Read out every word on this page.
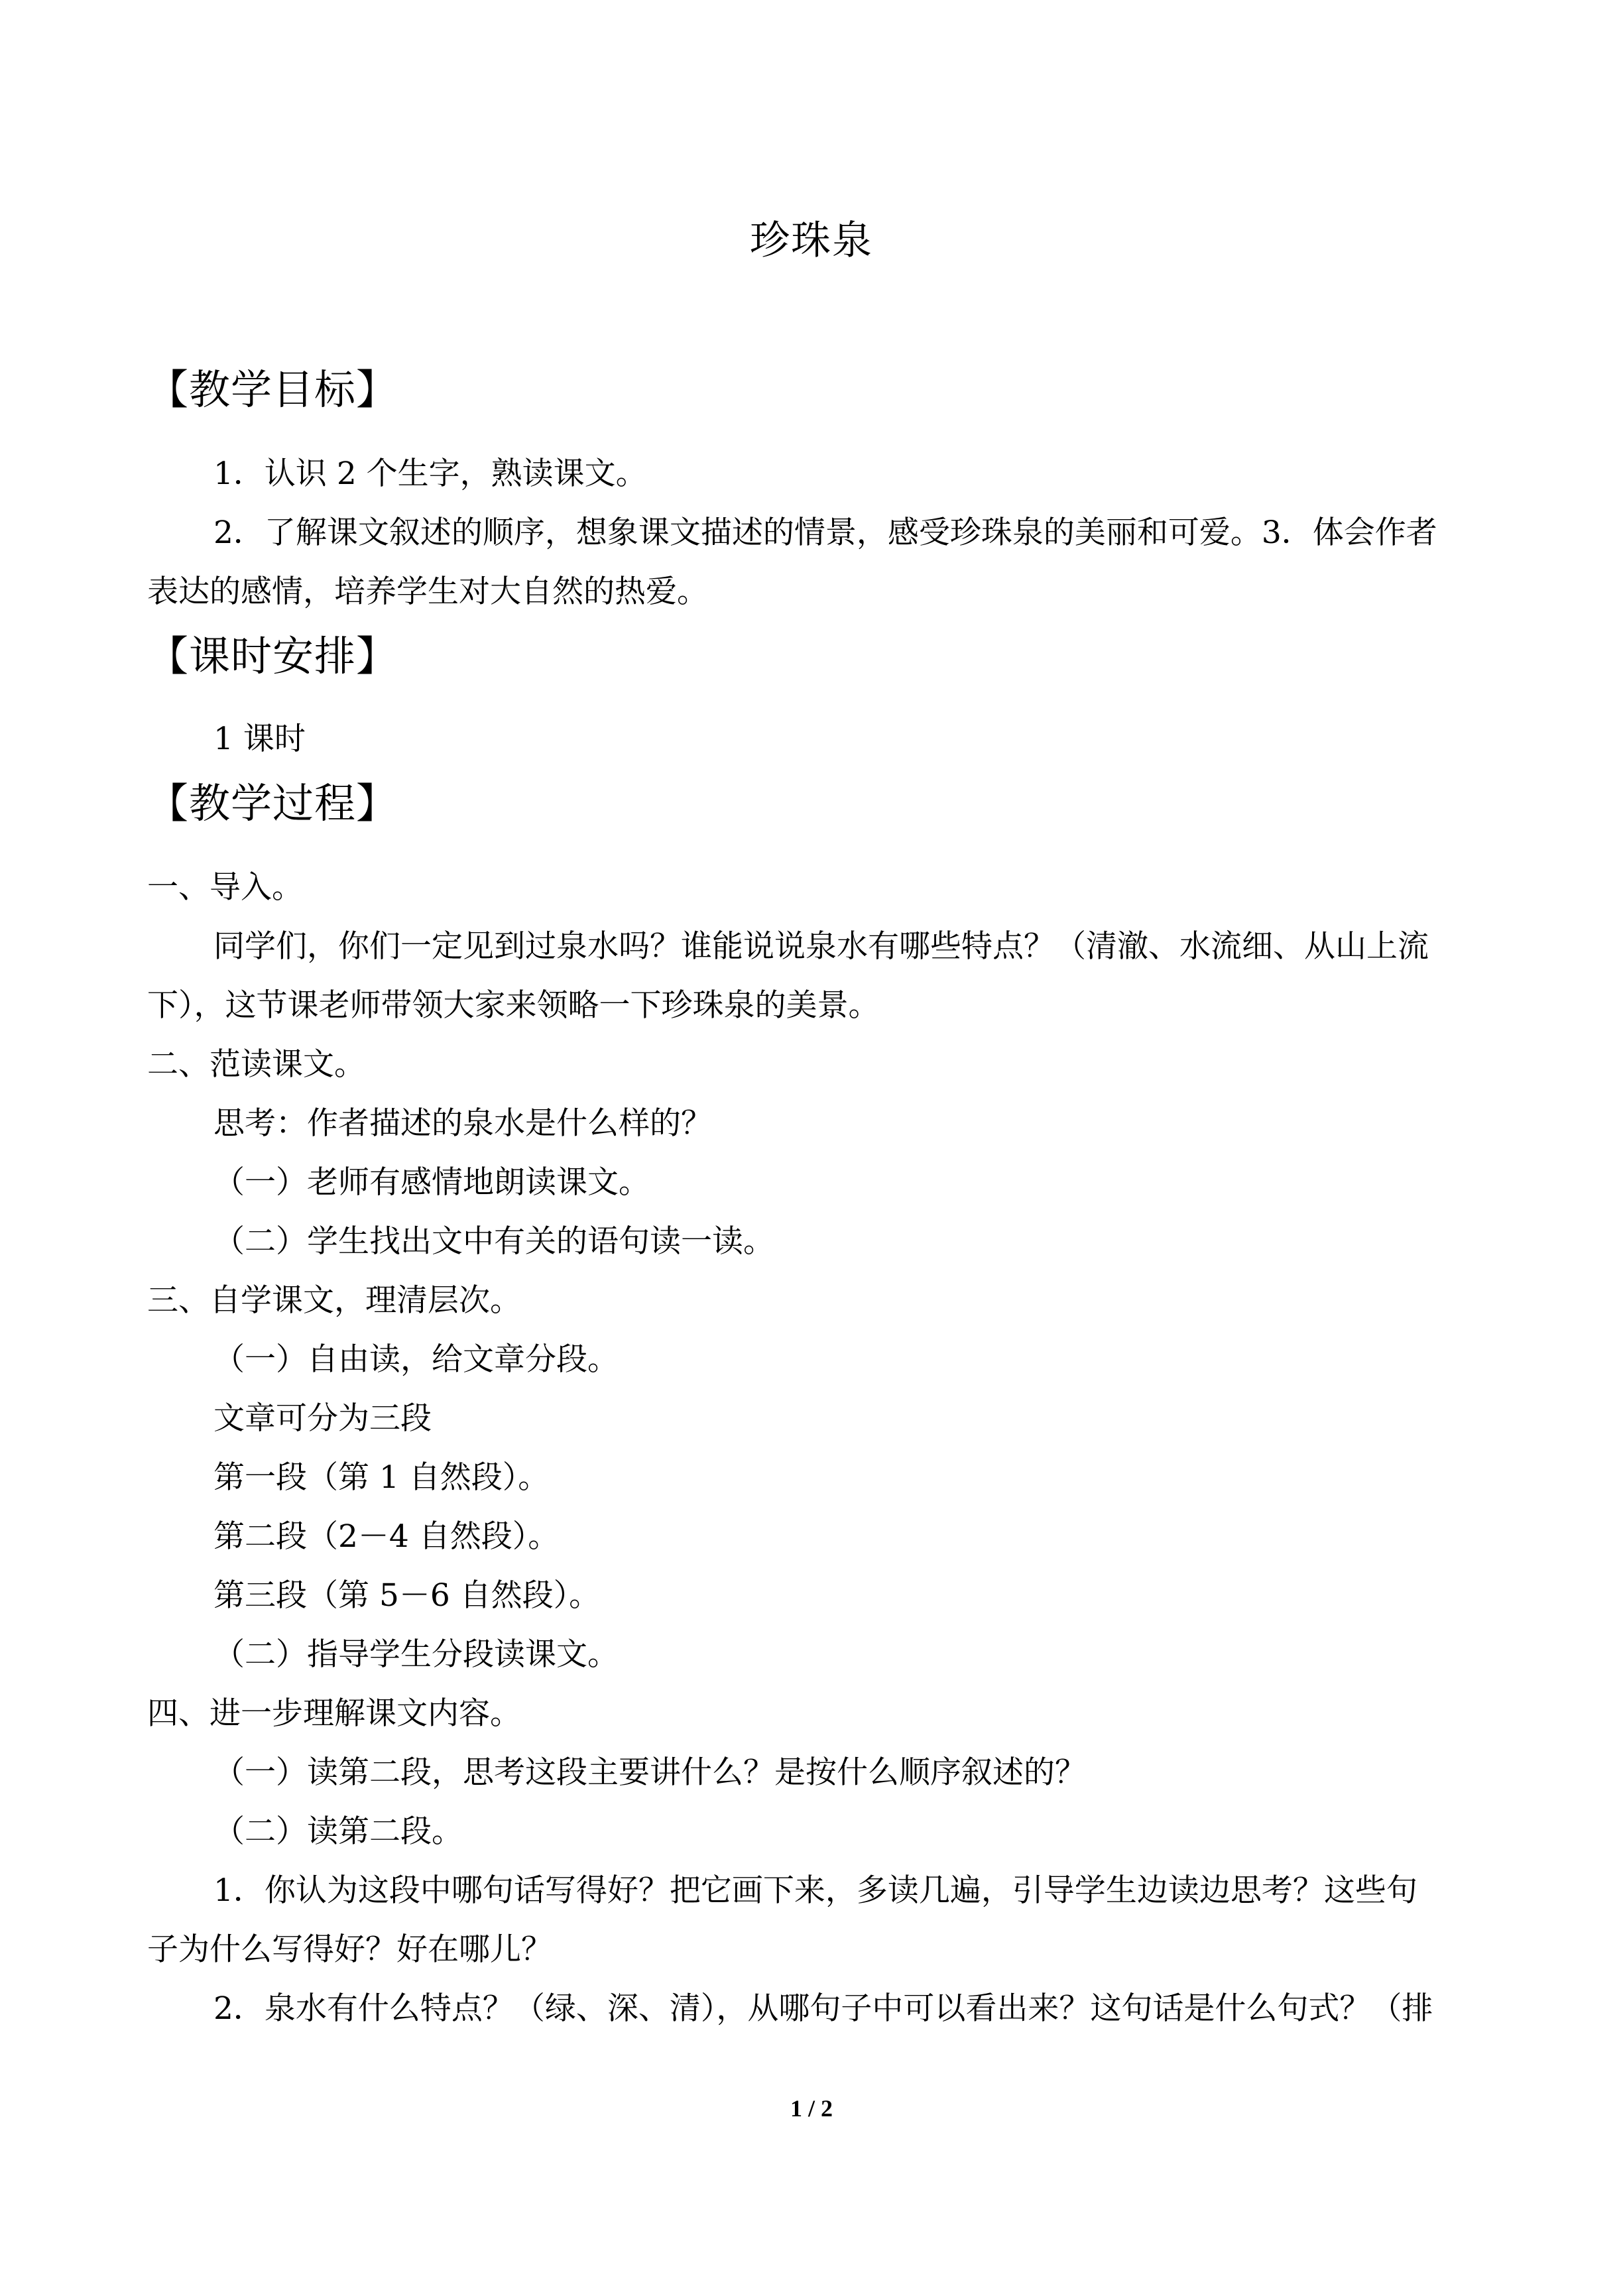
珍珠泉
【教学目标】
1．认识 2 个生字，熟读课文。
2．了解课文叙述的顺序，想象课文描述的情景，感受珍珠泉的美丽和可爱。3．体会作者
表达的感情，培养学生对大自然的热爱。
【课时安排】
1 课时
【教学过程】
一、导入。
同学们，你们一定见到过泉水吗？谁能说说泉水有哪些特点？（清澈、水流细、从山上流
下），这节课老师带领大家来领略一下珍珠泉的美景。
二、范读课文。
思考：作者描述的泉水是什么样的？
（一）老师有感情地朗读课文。
（二）学生找出文中有关的语句读一读。
三、自学课文，理清层次。
（一）自由读，给文章分段。
文章可分为三段
第一段（第 1 自然段）。
第二段（2－4 自然段）。
第三段（第 5－6 自然段）。
（二）指导学生分段读课文。
四、进一步理解课文内容。
（一）读第二段，思考这段主要讲什么？是按什么顺序叙述的？
（二）读第二段。
1．你认为这段中哪句话写得好？把它画下来，多读几遍，引导学生边读边思考？这些句
子为什么写得好？好在哪儿？
2．泉水有什么特点？（绿、深、清），从哪句子中可以看出来？这句话是什么句式？（排
1 / 2
